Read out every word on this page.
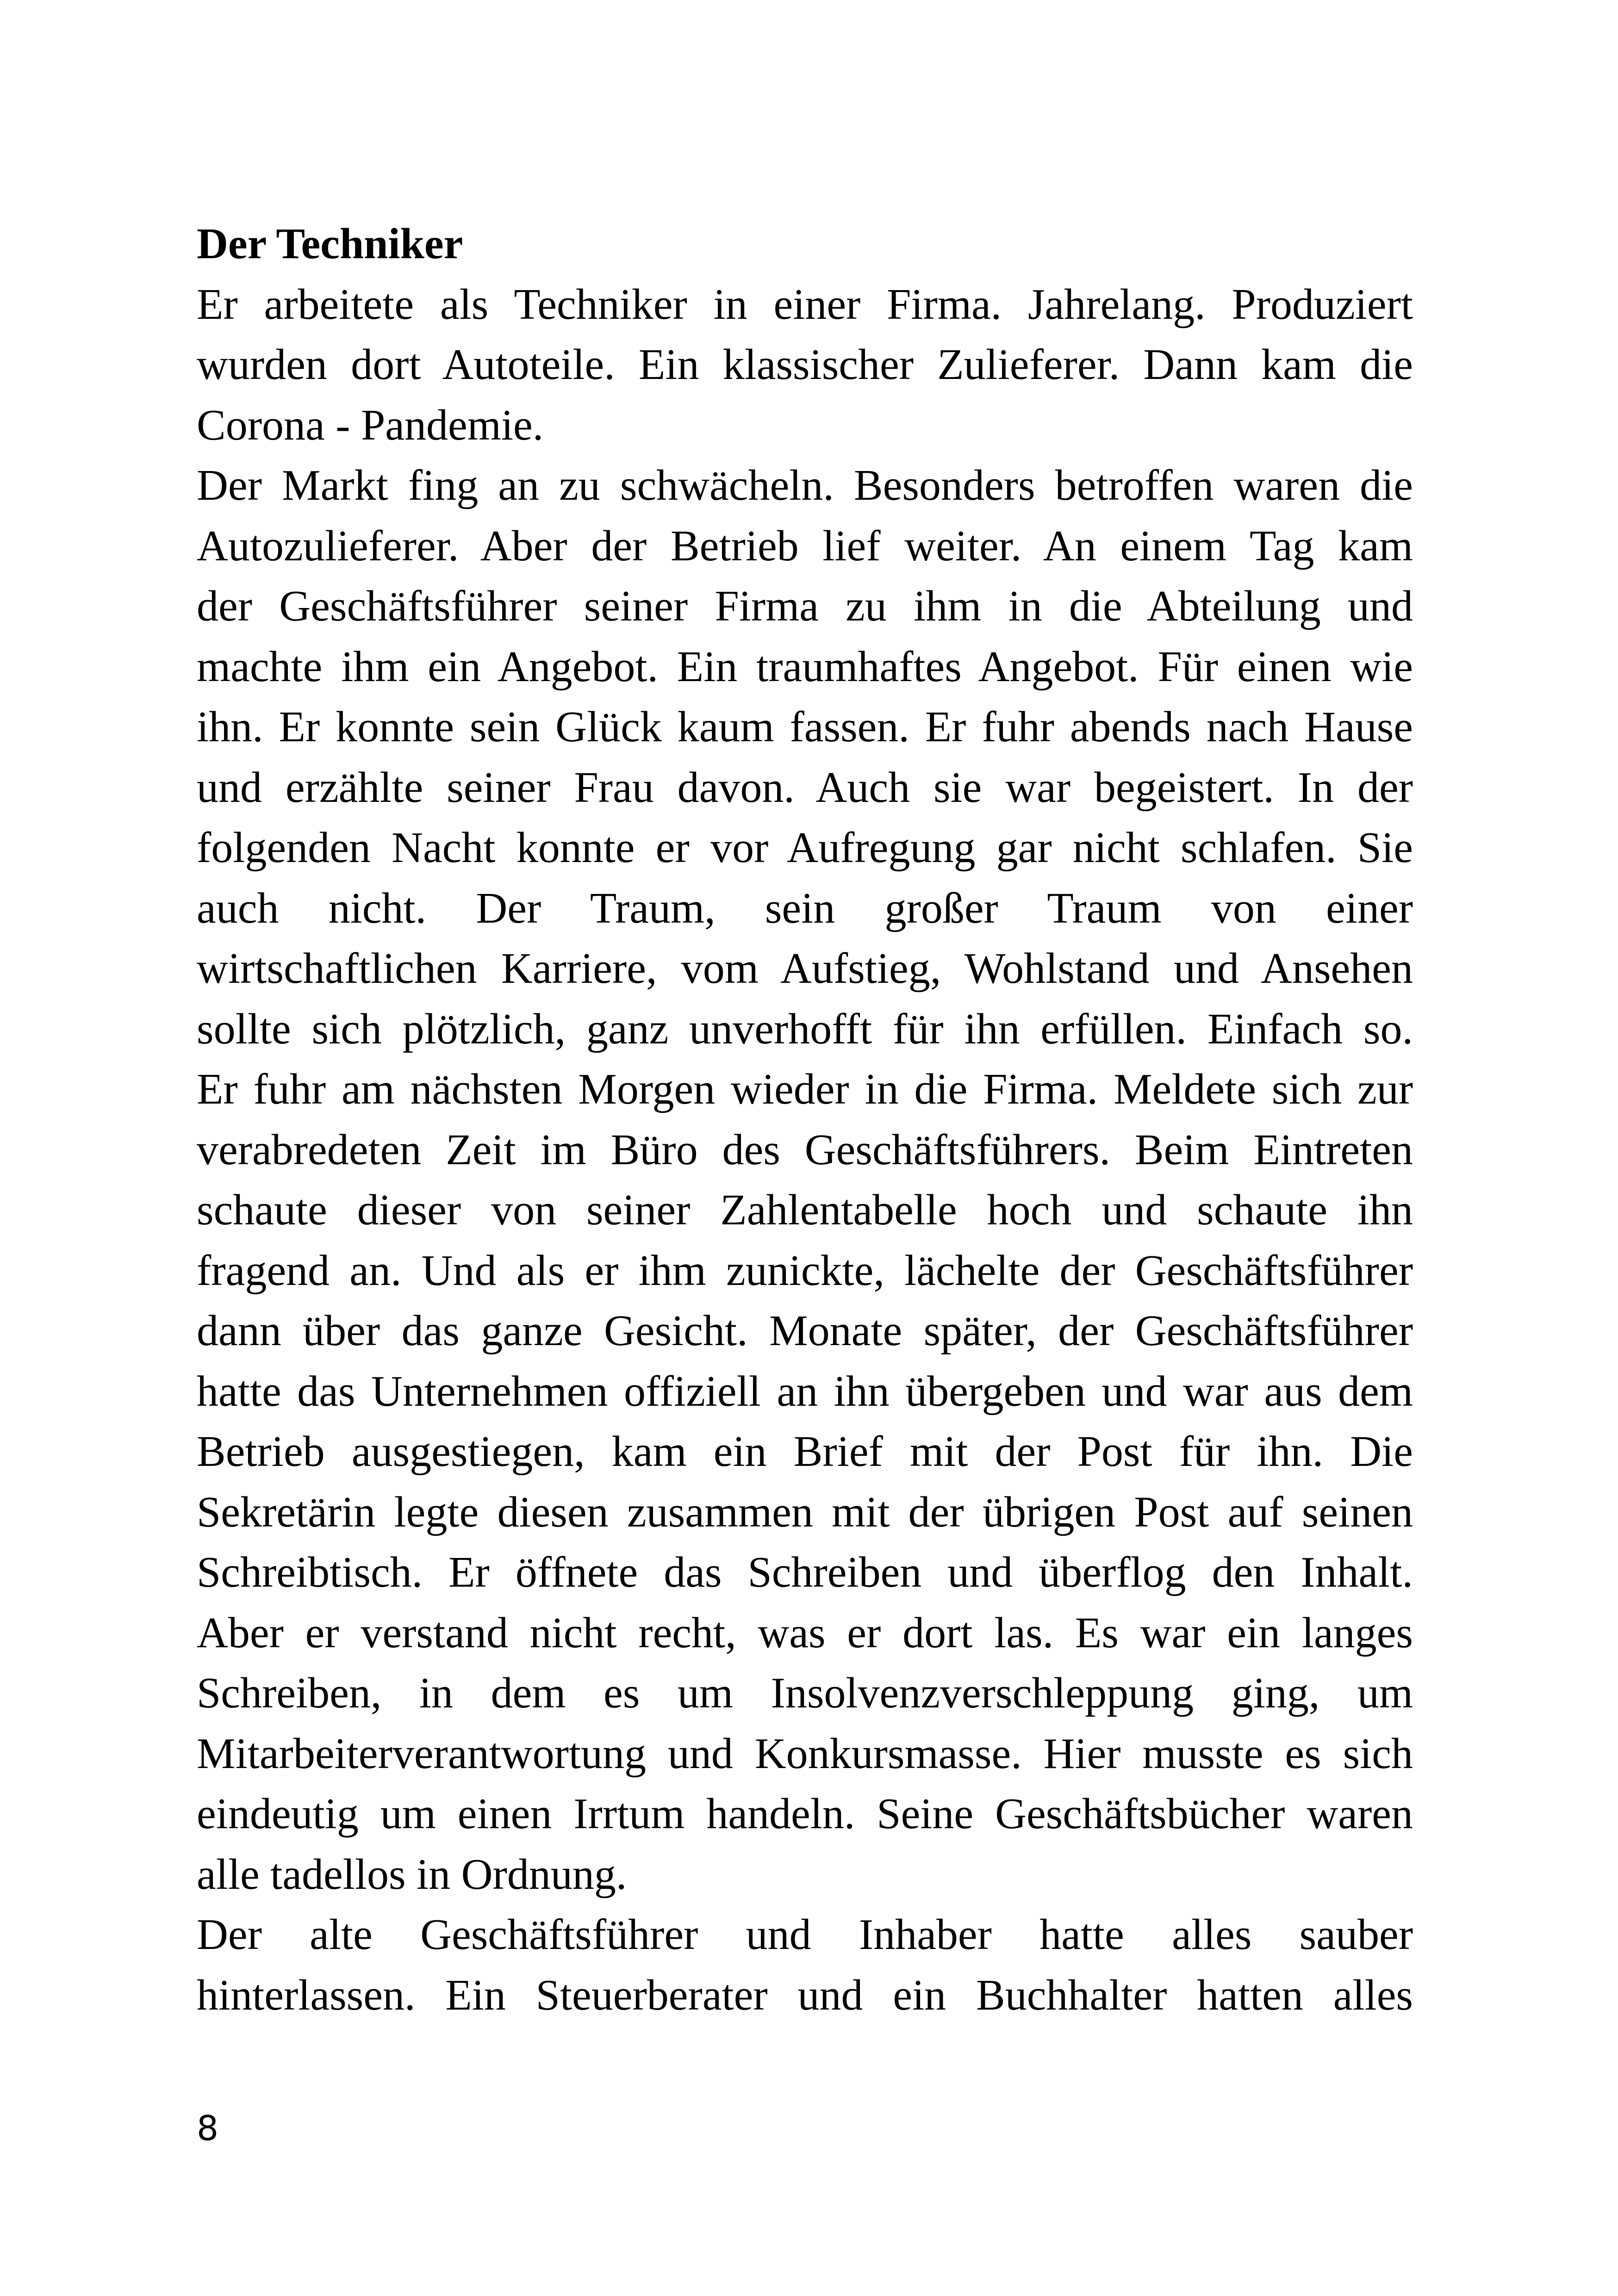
Der Techniker
Er arbeitete als Techniker in einer Firma. Jahrelang. Produziert
wurden dort Autoteile. Ein klassischer Zulieferer. Dann kam die
Corona - Pandemie.
Der Markt fing an zu schwächeln. Besonders betroffen waren die
Autozulieferer. Aber der Betrieb lief weiter. An einem Tag kam
der Geschäftsführer seiner Firma zu ihm in die Abteilung und
machte ihm ein Angebot. Ein traumhaftes Angebot. Für einen wie
ihn. Er konnte sein Glück kaum fassen. Er fuhr abends nach Hause
und erzählte seiner Frau davon. Auch sie war begeistert. In der
folgenden Nacht konnte er vor Aufregung gar nicht schlafen. Sie
auch nicht. Der Traum, sein großer Traum von einer
wirtschaftlichen Karriere, vom Aufstieg, Wohlstand und Ansehen
sollte sich plötzlich, ganz unverhofft für ihn erfüllen. Einfach so.
Er fuhr am nächsten Morgen wieder in die Firma. Meldete sich zur
verabredeten Zeit im Büro des Geschäftsführers. Beim Eintreten
schaute dieser von seiner Zahlentabelle hoch und schaute ihn
fragend an. Und als er ihm zunickte, lächelte der Geschäftsführer
dann über das ganze Gesicht. Monate später, der Geschäftsführer
hatte das Unternehmen offiziell an ihn übergeben und war aus dem
Betrieb ausgestiegen, kam ein Brief mit der Post für ihn. Die
Sekretärin legte diesen zusammen mit der übrigen Post auf seinen
Schreibtisch. Er öffnete das Schreiben und überflog den Inhalt.
Aber er verstand nicht recht, was er dort las. Es war ein langes
Schreiben, in dem es um Insolvenzverschleppung ging, um
Mitarbeiterverantwortung und Konkursmasse. Hier musste es sich
eindeutig um einen Irrtum handeln. Seine Geschäftsbücher waren
alle tadellos in Ordnung.
Der alte Geschäftsführer und Inhaber hatte alles sauber
hinterlassen. Ein Steuerberater und ein Buchhalter hatten alles
8
